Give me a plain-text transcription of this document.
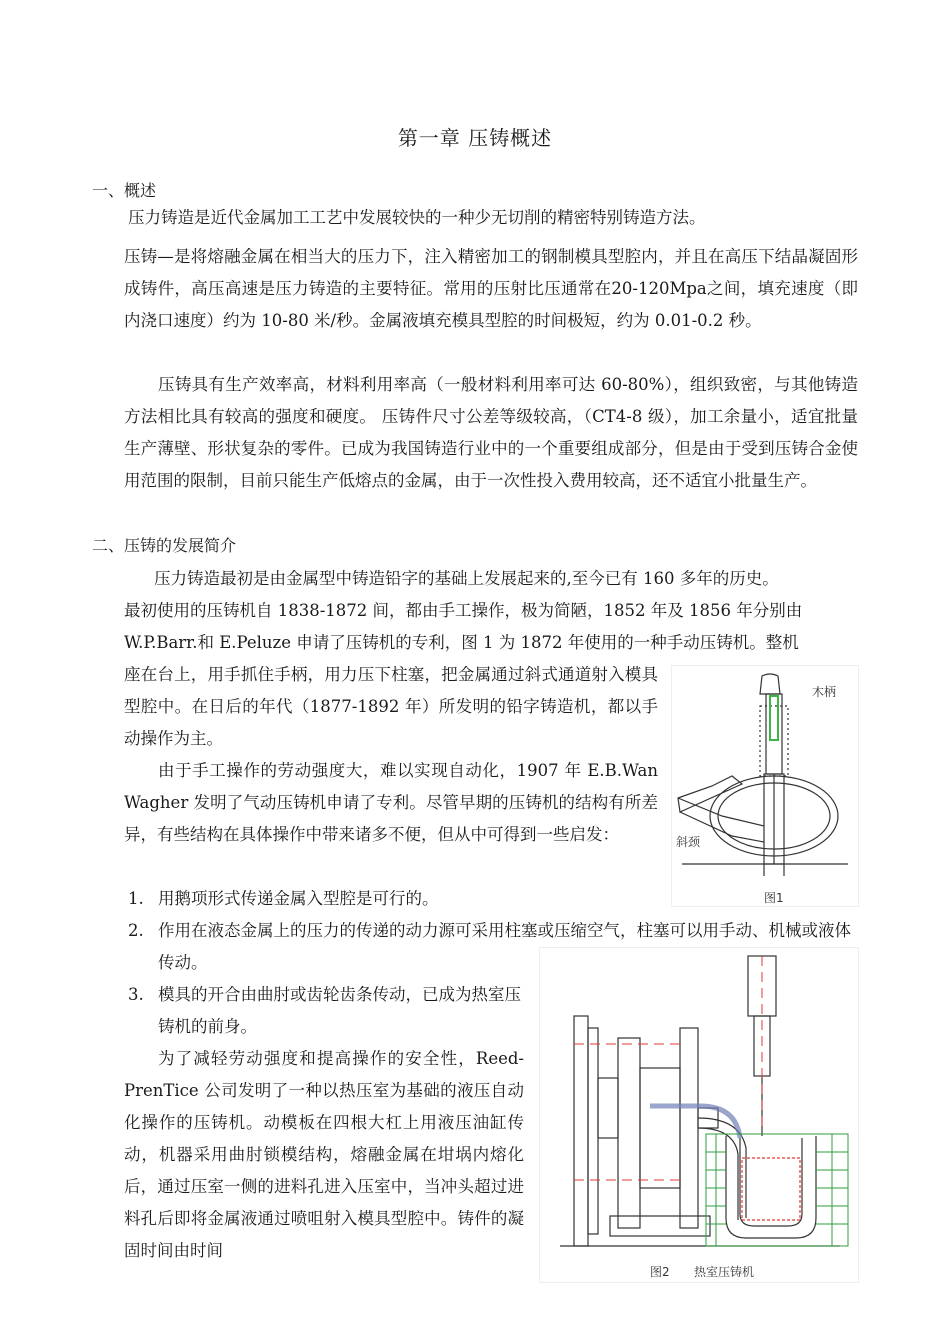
第一章 压铸概述
一、概述
压力铸造是近代金属加工工艺中发展较快的一种少无切削的精密特别铸造方法。

压铸—是将熔融金属在相当大的压力下，注入精密加工的钢制模具型腔内，并且在高压下结晶凝固形成铸件，高压高速是压力铸造的主要特征。常用的压射比压通常在20-120Mpa之间，填充速度（即内浇口速度）约为 10-80 米/秒。金属液填充模具型腔的时间极短，约为 0.01-0.2 秒。

压铸具有生产效率高，材料利用率高（一般材料利用率可达 60-80%），组织致密，与其他铸造方法相比具有较高的强度和硬度。 压铸件尺寸公差等级较高，（CT4-8 级），加工余量小，适宜批量生产薄壁、形状复杂的零件。已成为我国铸造行业中的一个重要组成部分，但是由于受到压铸合金使用范围的限制，目前只能生产低熔点的金属，由于一次性投入费用较高，还不适宜小批量生产。

二、压铸的发展简介
压力铸造最初是由金属型中铸造铅字的基础上发展起来的,至今已有 160 多年的历史。
最初使用的压铸机自 1838-1872 间，都由手工操作，极为简陋，1852 年及 1856 年分别由
W.P.Barr.和 E.Peluze 申请了压铸机的专利，图 1 为 1872 年使用的一种手动压铸机。整机

座在台上，用手抓住手柄，用力压下柱塞，把金属通过斜式通道射入模具型腔中。在日后的年代（1877-1892 年）所发明的铅字铸造机，都以手动操作为主。

由于手工操作的劳动强度大，难以实现自动化，1907 年 E.B.Wan Wagher 发明了气动压铸机申请了专利。尽管早期的压铸机的结构有所差异，有些结构在具体操作中带来诸多不便，但从中可得到一些启发：

1. 用鹅项形式传递金属入型腔是可行的。
2. 作用在液态金属上的压力的传递的动力源可采用柱塞或压缩空气，柱塞可以用手动、机械或液体传动。
3. 模具的开合由曲肘或齿轮齿条传动，已成为热室压铸机的前身。

为了减轻劳动强度和提高操作的安全性，Reed-PrenTice 公司发明了一种以热压室为基础的液压自动化操作的压铸机。动模板在四根大杠上用液压油缸传动，机器采用曲肘锁模结构，熔融金属在坩埚内熔化后，通过压室一侧的进料孔进入压室中，当冲头超过进料孔后即将金属液通过喷咀射入模具型腔中。铸件的凝固时间由时间

木柄
斜颈
图1
图2 热室压铸机
